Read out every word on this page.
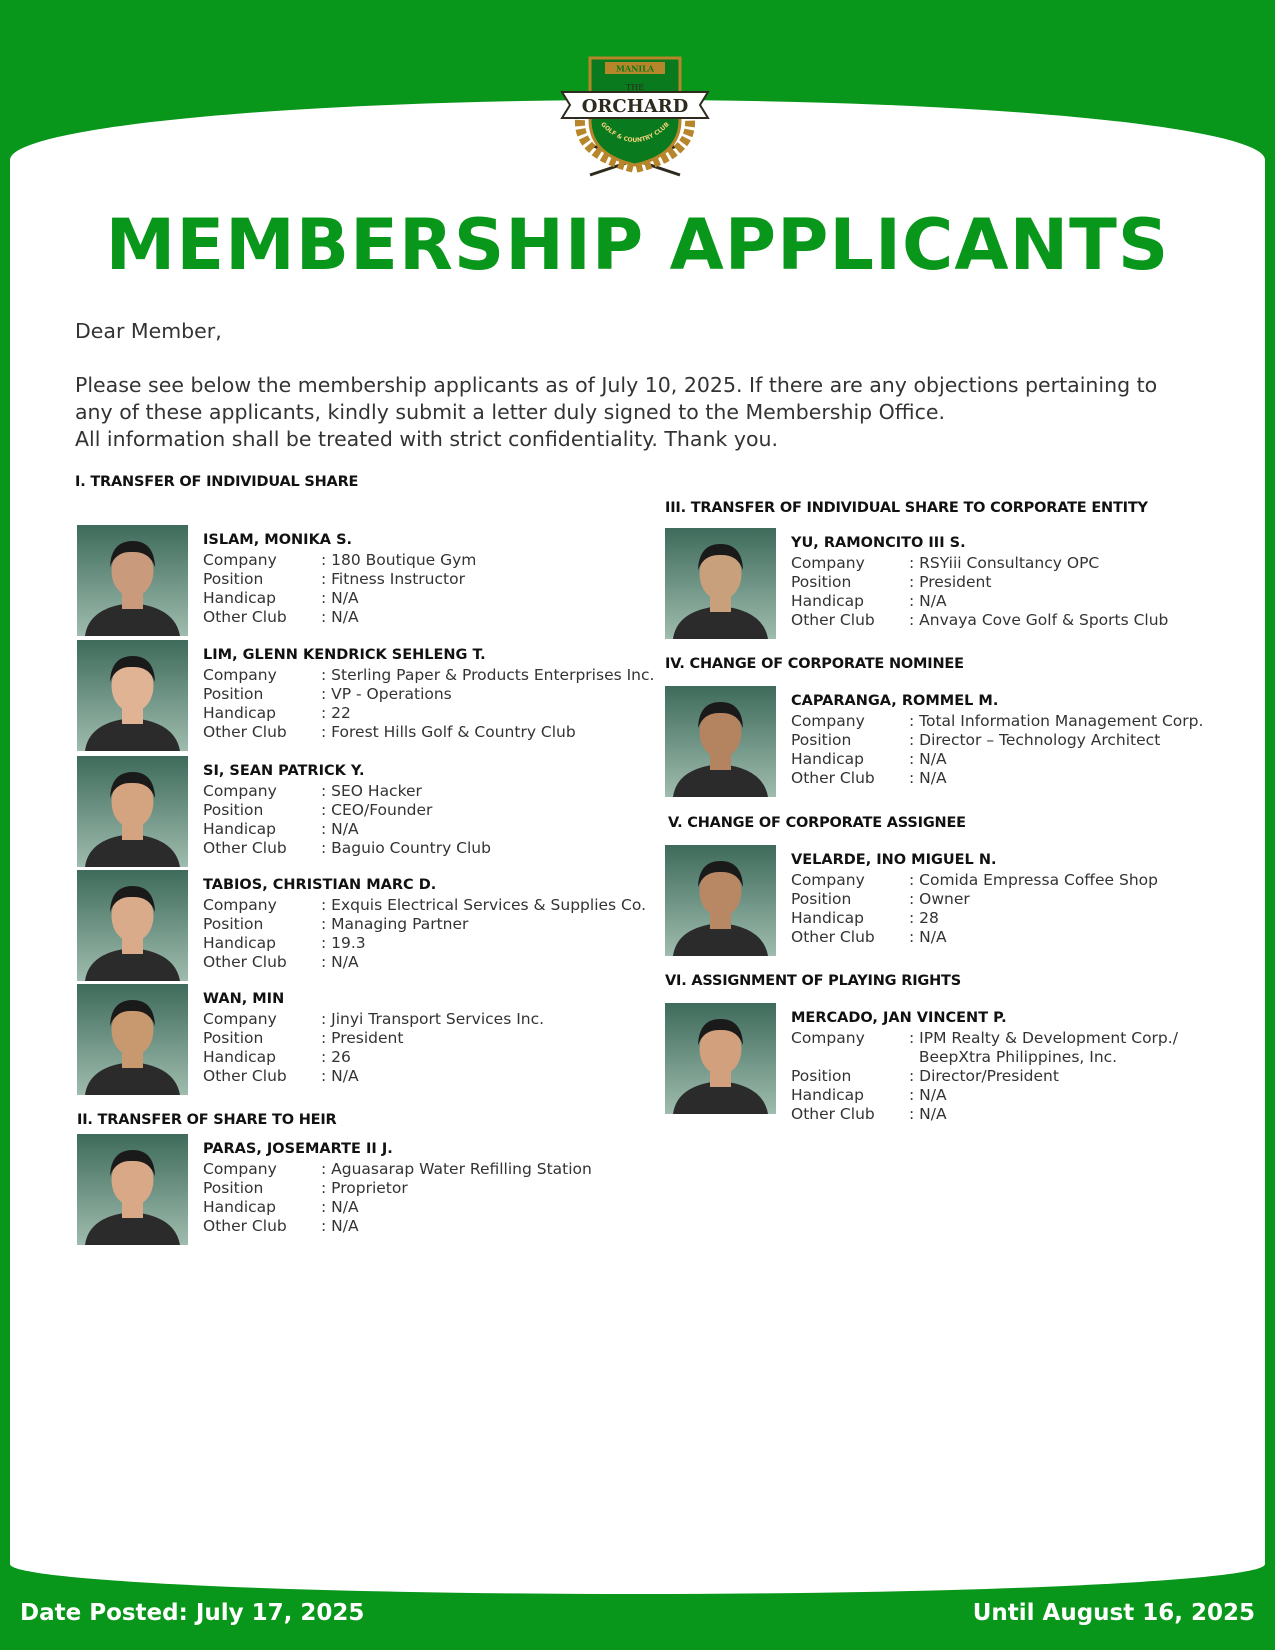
MANILA
THE
ORCHARD
GOLF & COUNTRY CLUB
MEMBERSHIP APPLICANTS

Dear Member,

Please see below the membership applicants as of July 10, 2025. If there are any objections pertaining to

any of these applicants, kindly submit a letter duly signed to the Membership Office.

All information shall be treated with strict confidentiality. Thank you.

I. TRANSFER OF INDIVIDUAL SHARE
II. TRANSFER OF SHARE TO HEIR
III. TRANSFER OF INDIVIDUAL SHARE TO CORPORATE ENTITY
IV. CHANGE OF CORPORATE NOMINEE
V. CHANGE OF CORPORATE ASSIGNEE
VI. ASSIGNMENT OF PLAYING RIGHTS
ISLAM, MONIKA S.
Company	: 180 Boutique Gym
Position	: Fitness Instructor
Handicap	: N/A
Other Club	: N/A
LIM, GLENN KENDRICK SEHLENG T.
Company	: Sterling Paper & Products Enterprises Inc.
Position	: VP - Operations
Handicap	: 22
Other Club	: Forest Hills Golf & Country Club
SI, SEAN PATRICK Y.
Company	: SEO Hacker
Position	: CEO/Founder
Handicap	: N/A
Other Club	: Baguio Country Club
TABIOS, CHRISTIAN MARC D.
Company	: Exquis Electrical Services & Supplies Co.
Position	: Managing Partner
Handicap	: 19.3
Other Club	: N/A
WAN, MIN
Company	: Jinyi Transport Services Inc.
Position	: President
Handicap	: 26
Other Club	: N/A
PARAS, JOSEMARTE II J.
Company	: Aguasarap Water Refilling Station
Position	: Proprietor
Handicap	: N/A
Other Club	: N/A
YU, RAMONCITO III S.
Company	: RSYiii Consultancy OPC
Position	: President
Handicap	: N/A
Other Club	: Anvaya Cove Golf & Sports Club
CAPARANGA, ROMMEL M.
Company	: Total Information Management Corp.
Position	: Director – Technology Architect
Handicap	: N/A
Other Club	: N/A
VELARDE, INO MIGUEL N.
Company	: Comida Empressa Coffee Shop
Position	: Owner
Handicap	: 28
Other Club	: N/A
MERCADO, JAN VINCENT P.
Company	: IPM Realty & Development Corp./
BeepXtra Philippines, Inc.
Position	: Director/President
Handicap	: N/A
Other Club	: N/A
Date Posted: July 17, 2025	Until August 16, 2025
